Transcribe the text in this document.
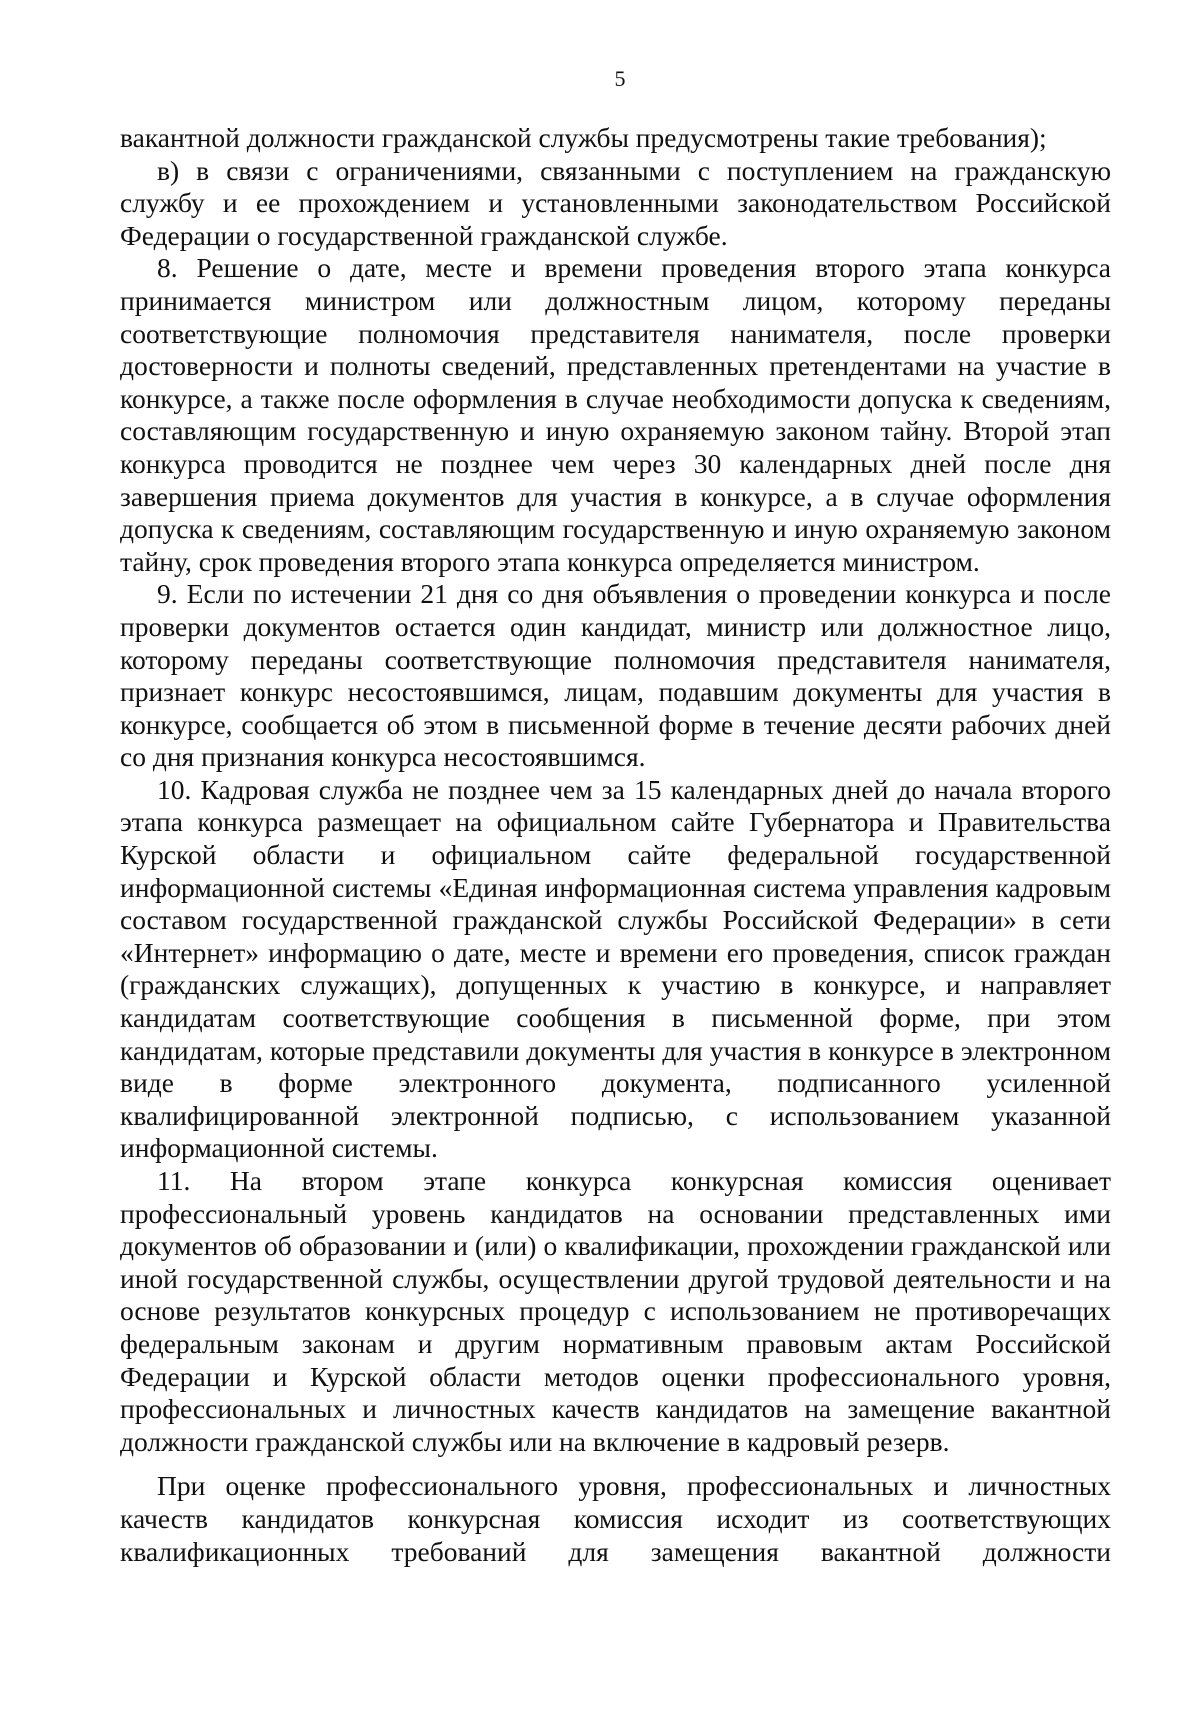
5

вакантной должности гражданской службы предусмотрены такие требования);

в) в связи с ограничениями, связанными с поступлением на гражданскую службу и ее прохождением и установленными законодательством Российской Федерации о государственной гражданской службе.

8. Решение о дате, месте и времени проведения второго этапа конкурса принимается министром или должностным лицом, которому переданы соответствующие полномочия представителя нанимателя, после проверки достоверности и полноты сведений, представленных претендентами на участие в конкурсе, а также после оформления в случае необходимости допуска к сведениям, составляющим государственную и иную охраняемую законом тайну. Второй этап конкурса проводится не позднее чем через 30 календарных дней после дня завершения приема документов для участия в конкурсе, а в случае оформления допуска к сведениям, составляющим государственную и иную охраняемую законом тайну, срок проведения второго этапа конкурса определяется министром.

9. Если по истечении 21 дня со дня объявления о проведении конкурса и после проверки документов остается один кандидат, министр или должностное лицо, которому переданы соответствующие полномочия представителя нанимателя, признает конкурс несостоявшимся, лицам, подавшим документы для участия в конкурсе, сообщается об этом в письменной форме в течение десяти рабочих дней со дня признания конкурса несостоявшимся.

10. Кадровая служба не позднее чем за 15 календарных дней до начала второго этапа конкурса размещает на официальном сайте Губернатора и Правительства Курской области и официальном сайте федеральной государственной информационной системы «Единая информационная система управления кадровым составом государственной гражданской службы Российской Федерации» в сети «Интернет» информацию о дате, месте и времени его проведения, список граждан (гражданских служащих), допущенных к участию в конкурсе, и направляет кандидатам соответствующие сообщения в письменной форме, при этом кандидатам, которые представили документы для участия в конкурсе в электронном виде в форме электронного документа, подписанного усиленной квалифицированной электронной подписью, с использованием указанной информационной системы.

11. На втором этапе конкурса конкурсная комиссия оценивает профессиональный уровень кандидатов на основании представленных ими документов об образовании и (или) о квалификации, прохождении гражданской или иной государственной службы, осуществлении другой трудовой деятельности и на основе результатов конкурсных процедур с использованием не противоречащих федеральным законам и другим нормативным правовым актам Российской Федерации и Курской области методов оценки профессионального уровня, профессиональных и личностных качеств кандидатов на замещение вакантной должности гражданской службы или на включение в кадровый резерв.

При оценке профессионального уровня, профессиональных и личностных качеств кандидатов конкурсная комиссия исходит из соответствующих квалификационных требований для замещения вакантной должности
